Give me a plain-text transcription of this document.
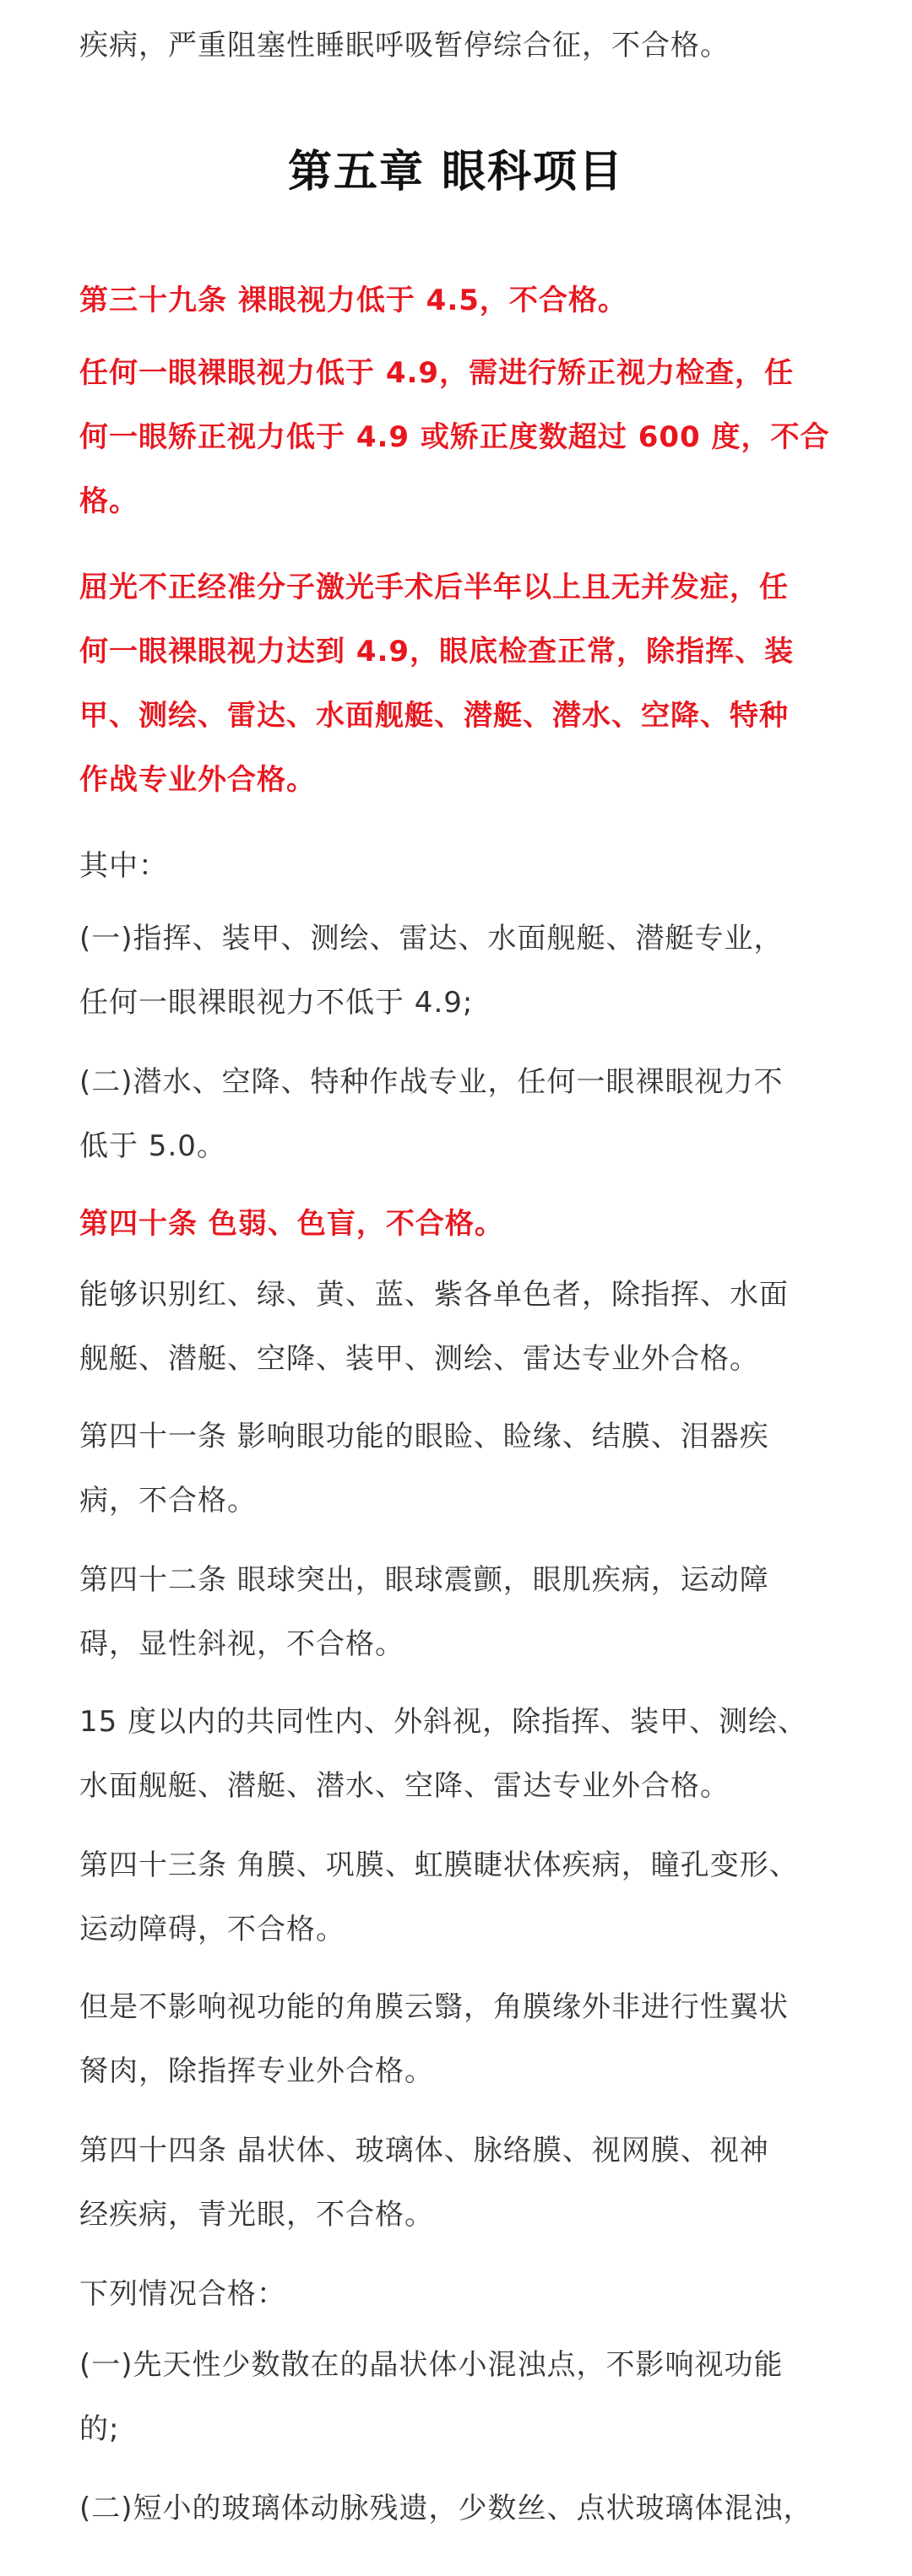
疾病，严重阻塞性睡眠呼吸暂停综合征，不合格。

第五章 眼科项目

第三十九条 裸眼视力低于 4.5，不合格。

任何一眼裸眼视力低于 4.9，需进行矫正视力检查，任
何一眼矫正视力低于 4.9 或矫正度数超过 600 度，不合
格。

屈光不正经准分子激光手术后半年以上且无并发症，任
何一眼裸眼视力达到 4.9，眼底检查正常，除指挥、装
甲、测绘、雷达、水面舰艇、潜艇、潜水、空降、特种
作战专业外合格。

其中：

(一)指挥、装甲、测绘、雷达、水面舰艇、潜艇专业，
任何一眼裸眼视力不低于 4.9;

(二)潜水、空降、特种作战专业，任何一眼裸眼视力不
低于 5.0。

第四十条 色弱、色盲，不合格。

能够识别红、绿、黄、蓝、紫各单色者，除指挥、水面
舰艇、潜艇、空降、装甲、测绘、雷达专业外合格。

第四十一条 影响眼功能的眼睑、睑缘、结膜、泪器疾
病，不合格。

第四十二条 眼球突出，眼球震颤，眼肌疾病，运动障
碍，显性斜视，不合格。

15 度以内的共同性内、外斜视，除指挥、装甲、测绘、
水面舰艇、潜艇、潜水、空降、雷达专业外合格。

第四十三条 角膜、巩膜、虹膜睫状体疾病，瞳孔变形、
运动障碍，不合格。

但是不影响视功能的角膜云翳，角膜缘外非进行性翼状
胬肉，除指挥专业外合格。

第四十四条 晶状体、玻璃体、脉络膜、视网膜、视神
经疾病，青光眼，不合格。

下列情况合格：

(一)先天性少数散在的晶状体小混浊点，不影响视功能
的;

(二)短小的玻璃体动脉残遗，少数丝、点状玻璃体混浊，
